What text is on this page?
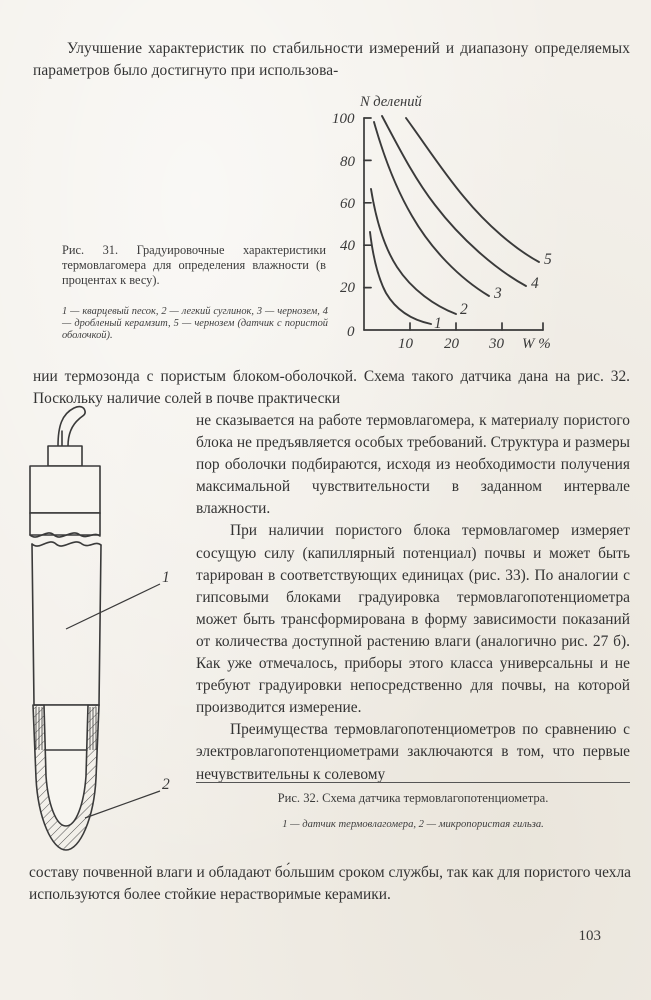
Улучшение характеристик по стабильности измерений и диапазону определяемых параметров было достигнуто при использова-
100
80
60
40
20
0
10 20 30
N делений
W %
1
2
3
4
5
Рис. 31. Градуировочные характеристики термовлагомера для определения влажности (в процентах к весу).
1 — кварцевый песок, 2 — легкий суглинок, 3 — чернозем, 4 — дробленый керамзит, 5 — чернозем (датчик с пористой оболочкой).
нии термозонда с пористым блоком-оболочкой. Схема такого датчика дана на рис. 32. Поскольку наличие солей в почве практически

не сказывается на работе термовлагомера, к материалу пористого блока не предъявляется особых требований. Структура и размеры пор оболочки подбираются, исходя из необходимости получения максимальной чувствительности в заданном интервале влажности.

При наличии пористого блока термовлагомер измеряет сосущую силу (капиллярный потенциал) почвы и может быть тарирован в соответствующих единицах (рис. 33). По аналогии с гипсовыми блоками градуировка термовлагопотенциометра может быть трансформирована в форму зависимости показаний от количества доступной растению влаги (аналогично рис. 27 б). Как уже отмечалось, приборы этого класса универсальны и не требуют градуировки непосредственно для почвы, на которой производится измерение.

Преимущества термовлагопотенциометров по сравнению с электровлагопотенциометрами заключаются в том, что первые нечувствительны к солевому

1
2
Рис. 32. Схема датчика термовлагопотенциометра.
1 — датчик термовлагомера, 2 — микропористая гильза.
составу почвенной влаги и обладают бо́льшим сроком службы, так как для пористого чехла используются более стойкие нерастворимые керамики.
103
